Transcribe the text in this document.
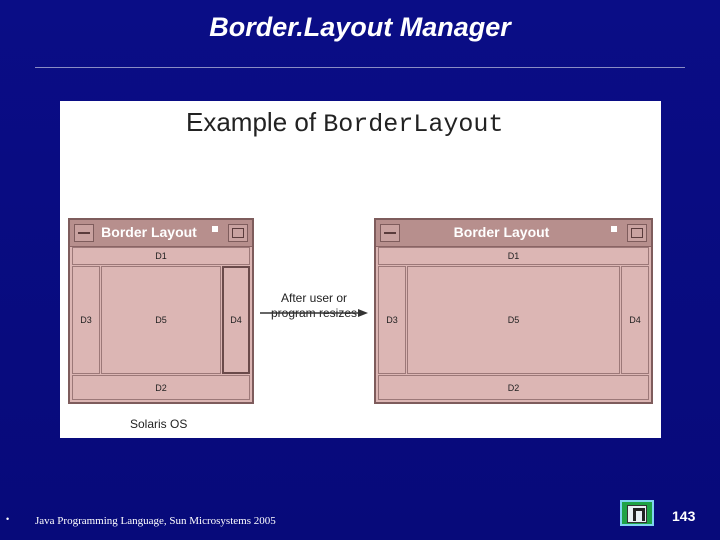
Border.Layout Manager
Example of BorderLayout
Border Layout
D1
D3	D5	D4
D2
After user or
program resizes
Border Layout
D1
D3	D5	D4
D2
Solaris OS
• Java Programming Language, Sun Microsystems 2005	143
